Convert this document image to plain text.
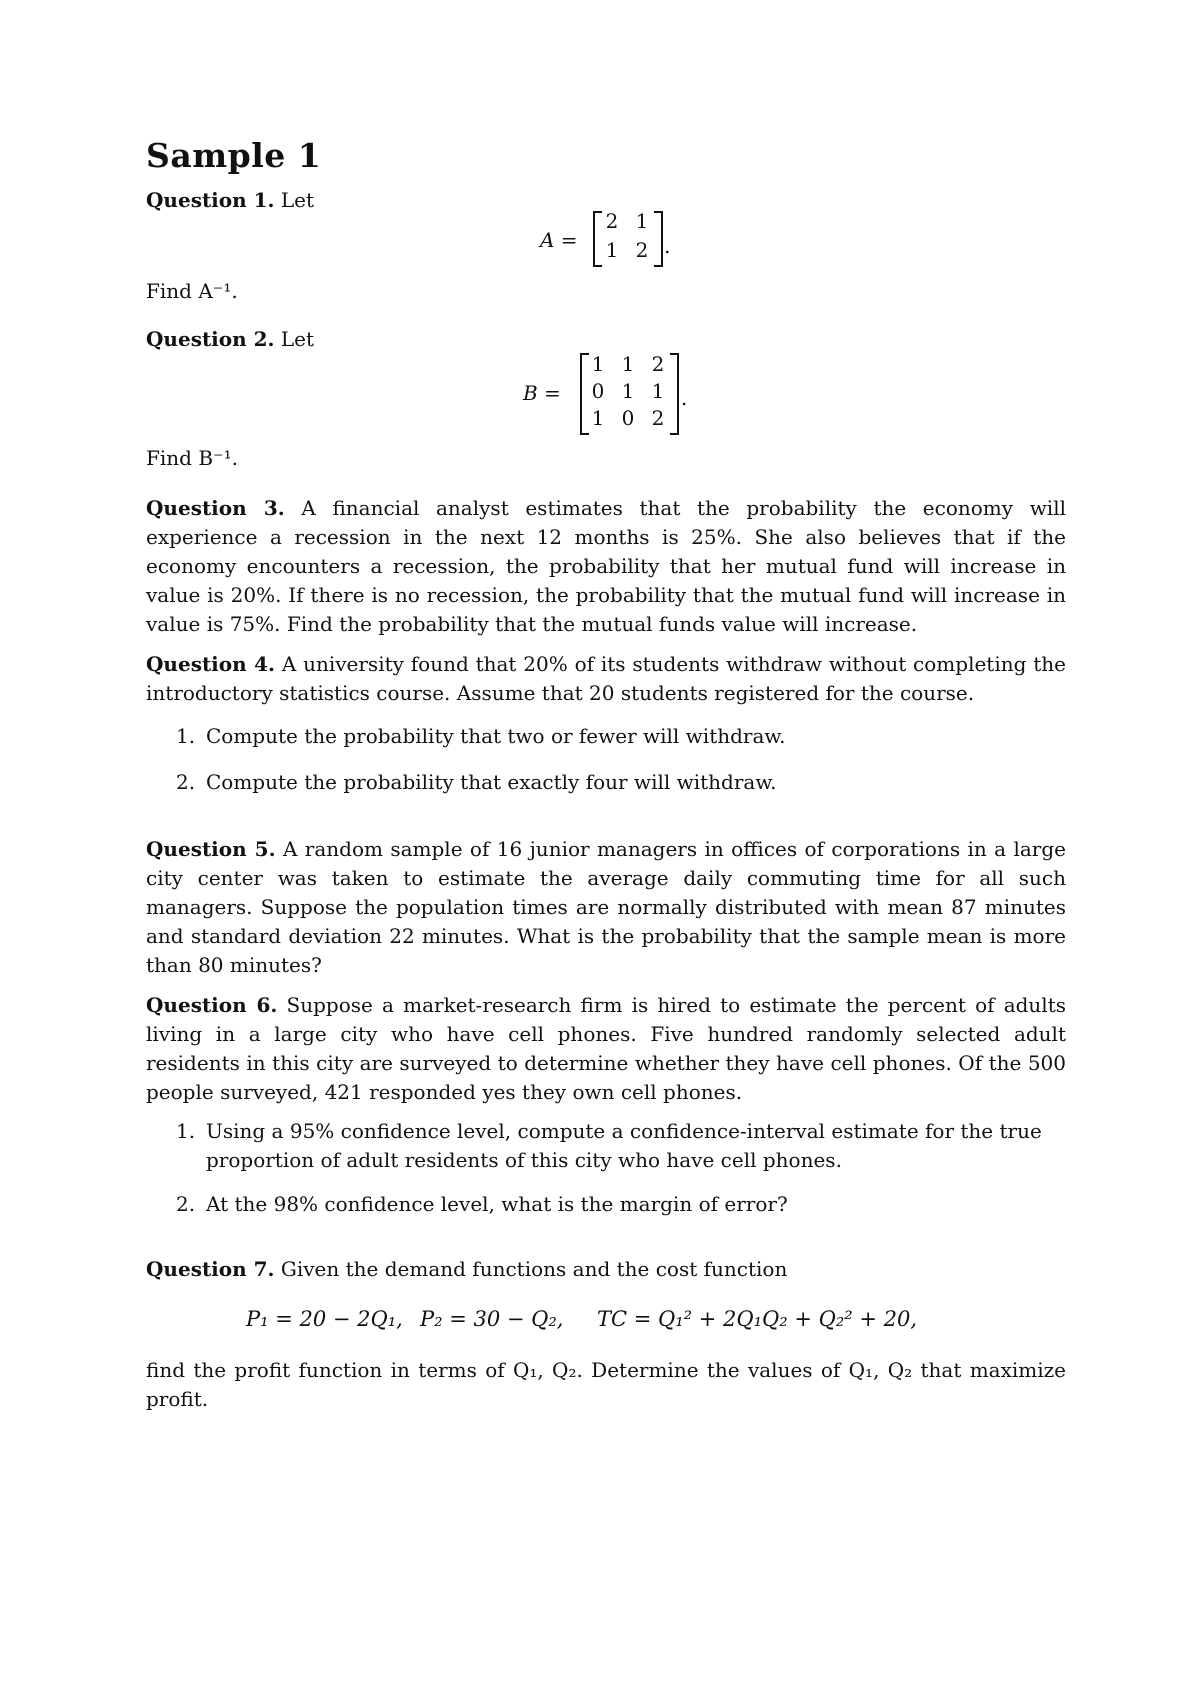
Sample 1
Question 1. Let
A =
2 1
1 2 .
Find A⁻¹.
Question 2. Let
B =
1 1 2
0 1 1
1 0 2
.
Find B⁻¹.
Question 3. A financial analyst estimates that the probability the economy will experience a recession in the next 12 months is 25%. She also believes that if the economy encounters a recession, the probability that her mutual fund will increase in value is 20%. If there is no recession, the probability that the mutual fund will increase in value is 75%. Find the probability that the mutual funds value will increase.
Question 4. A university found that 20% of its students withdraw without completing the introductory statistics course. Assume that 20 students registered for the course.
1. Compute the probability that two or fewer will withdraw.
2. Compute the probability that exactly four will withdraw.
Question 5. A random sample of 16 junior managers in offices of corporations in a large city center was taken to estimate the average daily commuting time for all such managers. Suppose the population times are normally distributed with mean 87 minutes and standard deviation 22 minutes. What is the probability that the sample mean is more than 80 minutes?
Question 6. Suppose a market-research firm is hired to estimate the percent of adults living in a large city who have cell phones. Five hundred randomly selected adult residents in this city are surveyed to determine whether they have cell phones. Of the 500 people surveyed, 421 responded yes they own cell phones.
1. Using a 95% confidence level, compute a confidence-interval estimate for the true proportion of adult residents of this city who have cell phones.
2. At the 98% confidence level, what is the margin of error?
Question 7. Given the demand functions and the cost function
P₁ = 20 − 2Q₁, P₂ = 30 − Q₂, TC = Q₁² + 2Q₁Q₂ + Q₂² + 20,
find the profit function in terms of Q₁, Q₂. Determine the values of Q₁, Q₂ that maximize profit.
